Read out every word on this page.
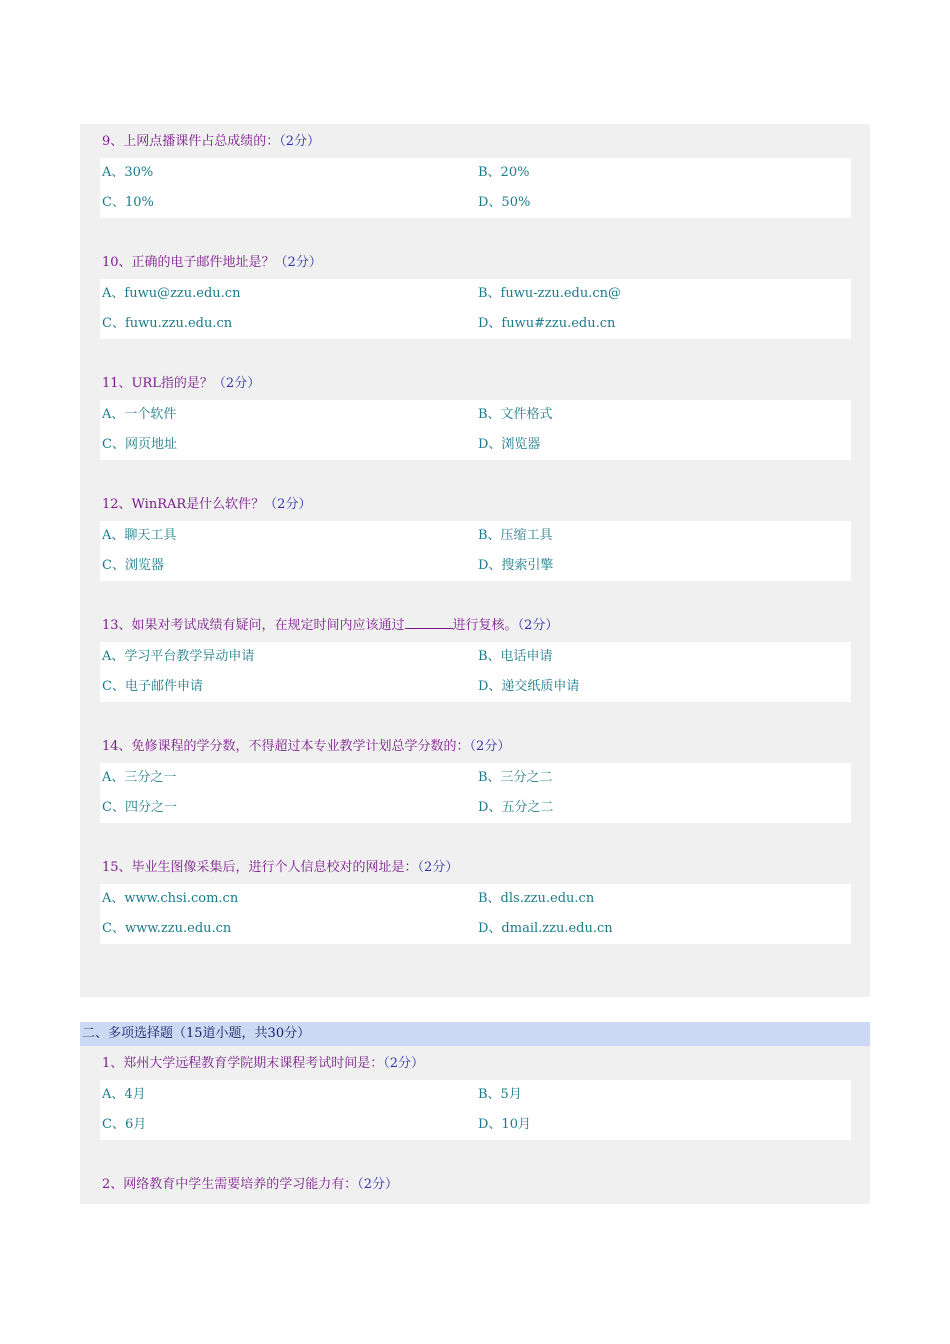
9、上网点播课件占总成绩的：（2分）
A、30%	B、20%
C、10%	D、50%
10、正确的电子邮件地址是？（2分）
A、fuwu@zzu.edu.cn	B、fuwu-zzu.edu.cn@
C、fuwu.zzu.edu.cn	D、fuwu#zzu.edu.cn
11、URL指的是？（2分）
A、一个软件	B、文件格式
C、网页地址	D、浏览器
12、WinRAR是什么软件？（2分）
A、聊天工具	B、压缩工具
C、浏览器	D、搜索引擎
13、如果对考试成绩有疑问，在规定时间内应该通过	进行复核。（2分）
A、学习平台教学异动申请	B、电话申请
C、电子邮件申请	D、递交纸质申请
14、免修课程的学分数，不得超过本专业教学计划总学分数的：（2分）
A、三分之一	B、三分之二
C、四分之一	D、五分之二
15、毕业生图像采集后，进行个人信息校对的网址是：（2分）
A、www.chsi.com.cn	B、dls.zzu.edu.cn
C、www.zzu.edu.cn	D、dmail.zzu.edu.cn
二、多项选择题（15道小题，共30分）
1、郑州大学远程教育学院期末课程考试时间是：（2分）
A、4月	B、5月
C、6月	D、10月
2、网络教育中学生需要培养的学习能力有：（2分）
